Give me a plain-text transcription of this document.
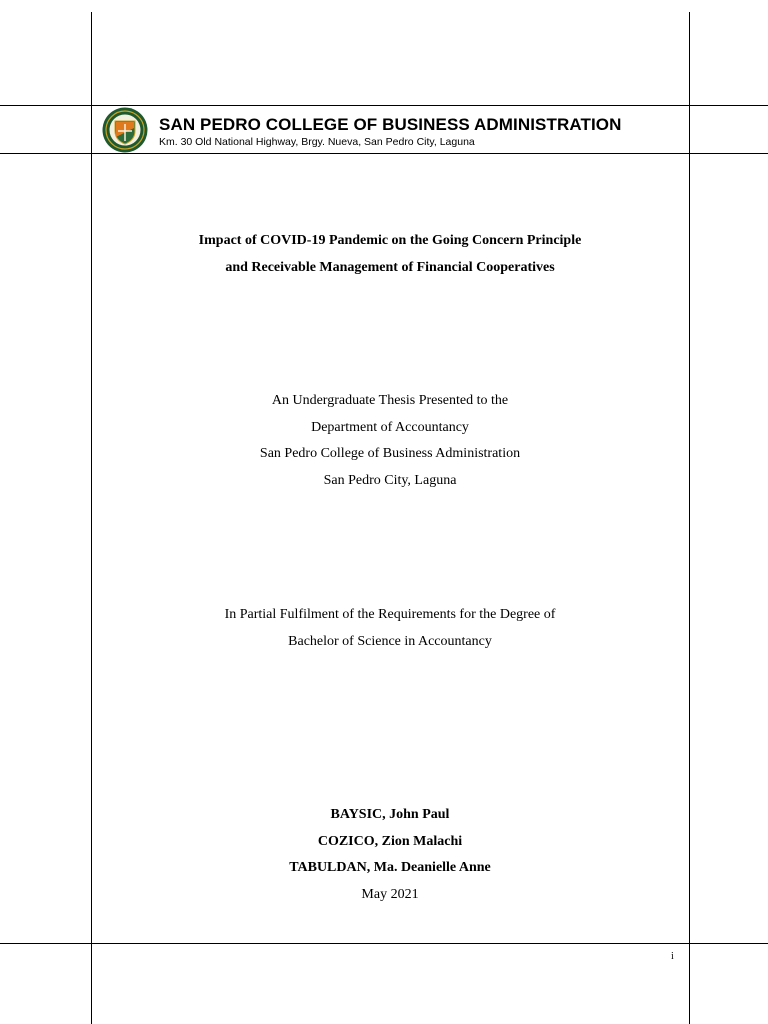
SAN PEDRO COLLEGE OF BUSINESS ADMINISTRATION
Km. 30 Old National Highway, Brgy. Nueva, San Pedro City, Laguna
Impact of COVID-19 Pandemic on the Going Concern Principle
and Receivable Management of Financial Cooperatives
An Undergraduate Thesis Presented to the
Department of Accountancy
San Pedro College of Business Administration
San Pedro City, Laguna
In Partial Fulfilment of the Requirements for the Degree of
Bachelor of Science in Accountancy
BAYSIC, John Paul
COZICO, Zion Malachi
TABULDAN, Ma. Deanielle Anne
May 2021
i
